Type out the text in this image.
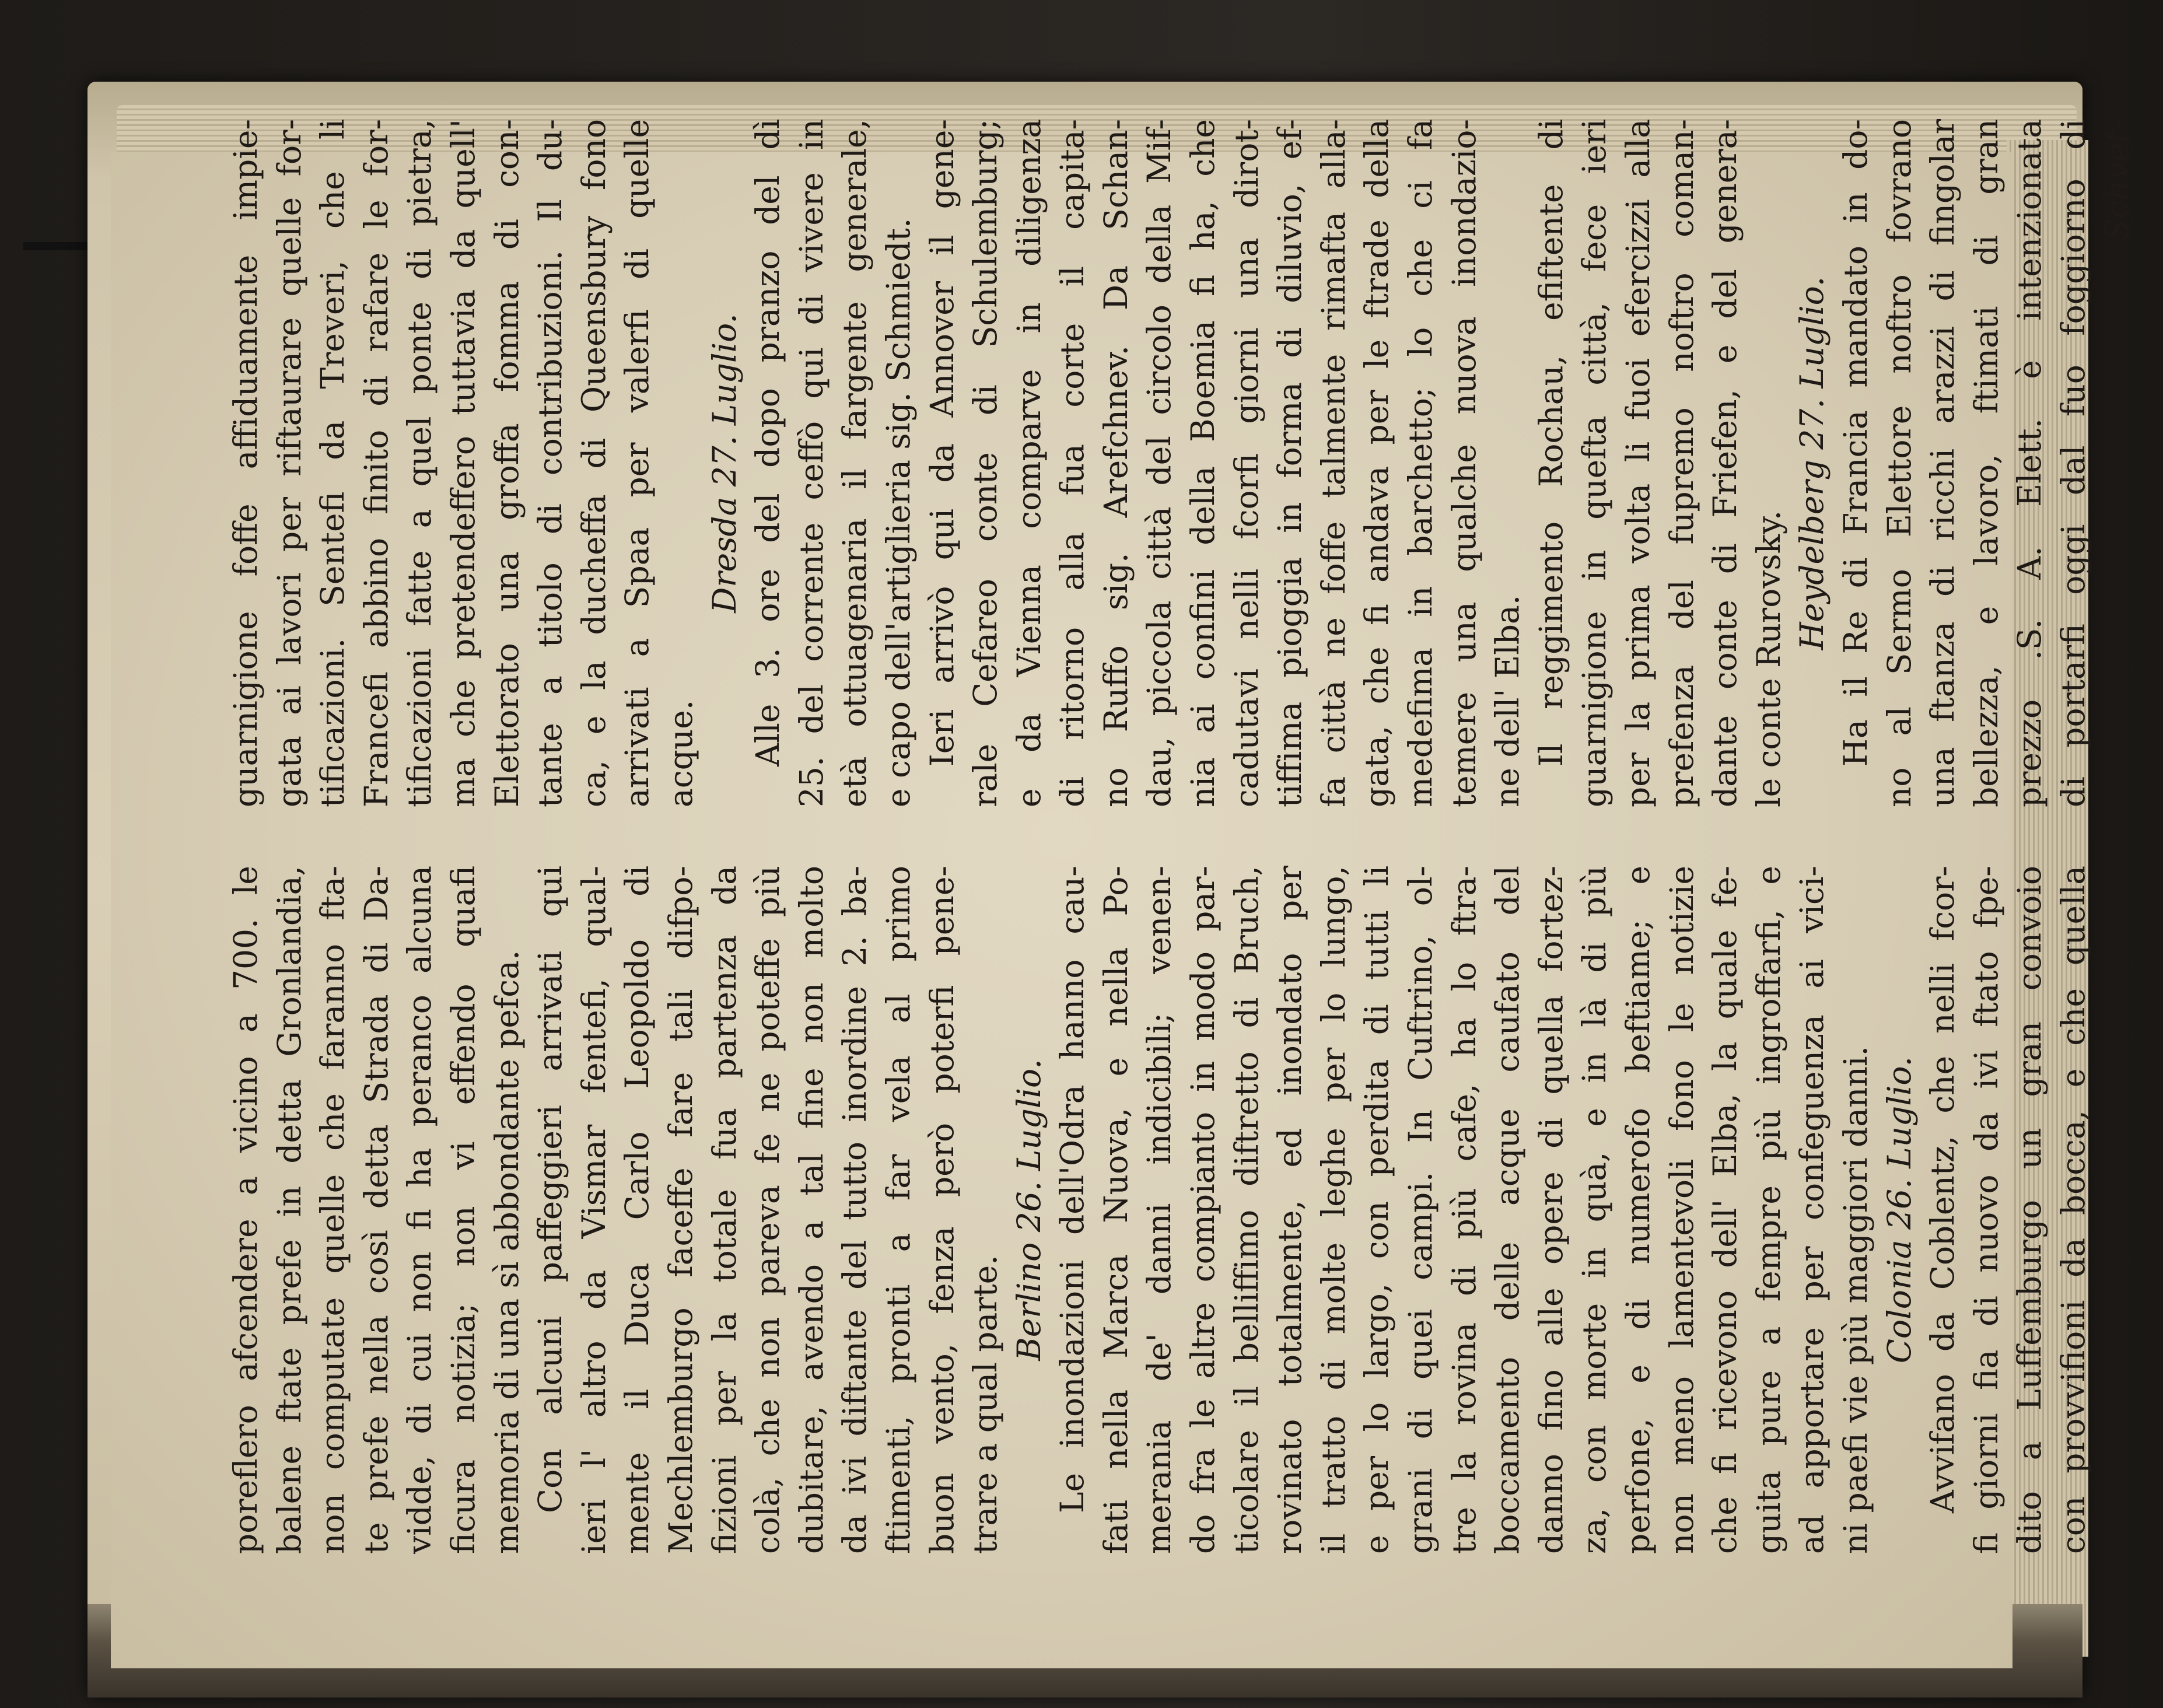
poreflero afcendere a vicino a 700. le balene ftate prefe in detta Gronlandia, non computate quelle che faranno fta- te prefe nella così detta Strada di Da- vidde, di cui non fi ha peranco alcuna ficura notizia; non vi effendo quafi memoria di una sì abbondante pefca. Con alcuni paffeggieri arrivati qui ieri l' altro da Vismar fentefi, qual- mente il Duca Carlo Leopoldo di Mechlemburgo faceffe fare tali difpo- fizioni per la totale fua partenza da colà, che non pareva fe ne poteffe più dubitare, avendo a tal fine non molto da ivi diftante del tutto inordine 2. ba- ftimenti, pronti a far vela al primo buon vento, fenza però poterfi pene- trare a qual parte.
Berlino 26. Luglio. Le inondazioni dell'Odra hanno cau- fati nella Marca Nuova, e nella Po- merania de' danni indicibili; venen- do fra le altre compianto in modo par- ticolare il belliffimo diftretto di Bruch, rovinato totalmente, ed inondato per il tratto di molte leghe per lo lungo, e per lo largo, con perdita di tutti li grani di quei campi. In Cuftrino, ol- tre la rovina di più cafe, ha lo ftra- boccamento delle acque caufato del danno fino alle opere di quella fortez- za, con morte in quà, e in là di più perfone, e di numerofo beftiame; e non meno lamentevoli fono le notizie che fi ricevono dell' Elba, la quale fe- guita pure a fempre più ingroffarfi, e ad apportare per confeguenza ai vici- ni paefi vie più maggiori danni. Colonia 26. Luglio. Avvifano da Coblentz, che nelli fcor- fi giorni fia di nuovo da ivi ftato fpe- dito a Luffemburgo un gran convoio con provvifioni da bocca, e che quella
guarnigione foffe affiduamente impie- gata ai lavori per riftaurare quelle for- tificazioni. Sentefi da Treveri, che li Francefi abbino finito di rafare le for- tificazioni fatte a quel ponte di pietra, ma che pretendeffero tuttavia da quell' Elettorato una groffa fomma di con- tante a titolo di contribuzioni. Il du- ca, e la ducheffa di Queensbury fono arrivati a Spaa per valerfi di quelle acque.
Dresda 27. Luglio. Alle 3. ore del dopo pranzo del dì 25. del corrente ceffò qui di vivere in età ottuagenaria il fargente generale, e capo dell'artiglieria sig. Schmiedt. Ieri arrivò qui da Annover il gene- rale Cefareo conte di Schulemburg; e da Vienna comparve in diligenza di ritorno alla fua corte il capita- no Ruffo sig. Arefchnev. Da Schan- dau, piccola città del circolo della Mif- nia ai confini della Boemia fi ha, che cadutavi nelli fcorfi giorni una dirot- tiffima pioggia in forma di diluvio, ef- fa città ne foffe talmente rimafta alla- gata, che fi andava per le ftrade della medefima in barchetto; lo che ci fa temere una qualche nuova inondazio- ne dell' Elba. Il reggimento Rochau, efiftente di guarnigione in quefta città, fece ieri per la prima volta li fuoi efercizzi alla prefenza del fupremo noftro coman- dante conte di Friefen, e del genera- le conte Rurovsky.
Heydelberg 27. Luglio. Ha il Re di Francia mandato in do- no al Sermo Elettore noftro fovrano una ftanza di ricchi arazzi di fingolar bellezza, e lavoro, ftimati di gran prezzo .S. A. Elett. è intenzionata di portarfi oggi dal fuo foggiorno di Schvet-
